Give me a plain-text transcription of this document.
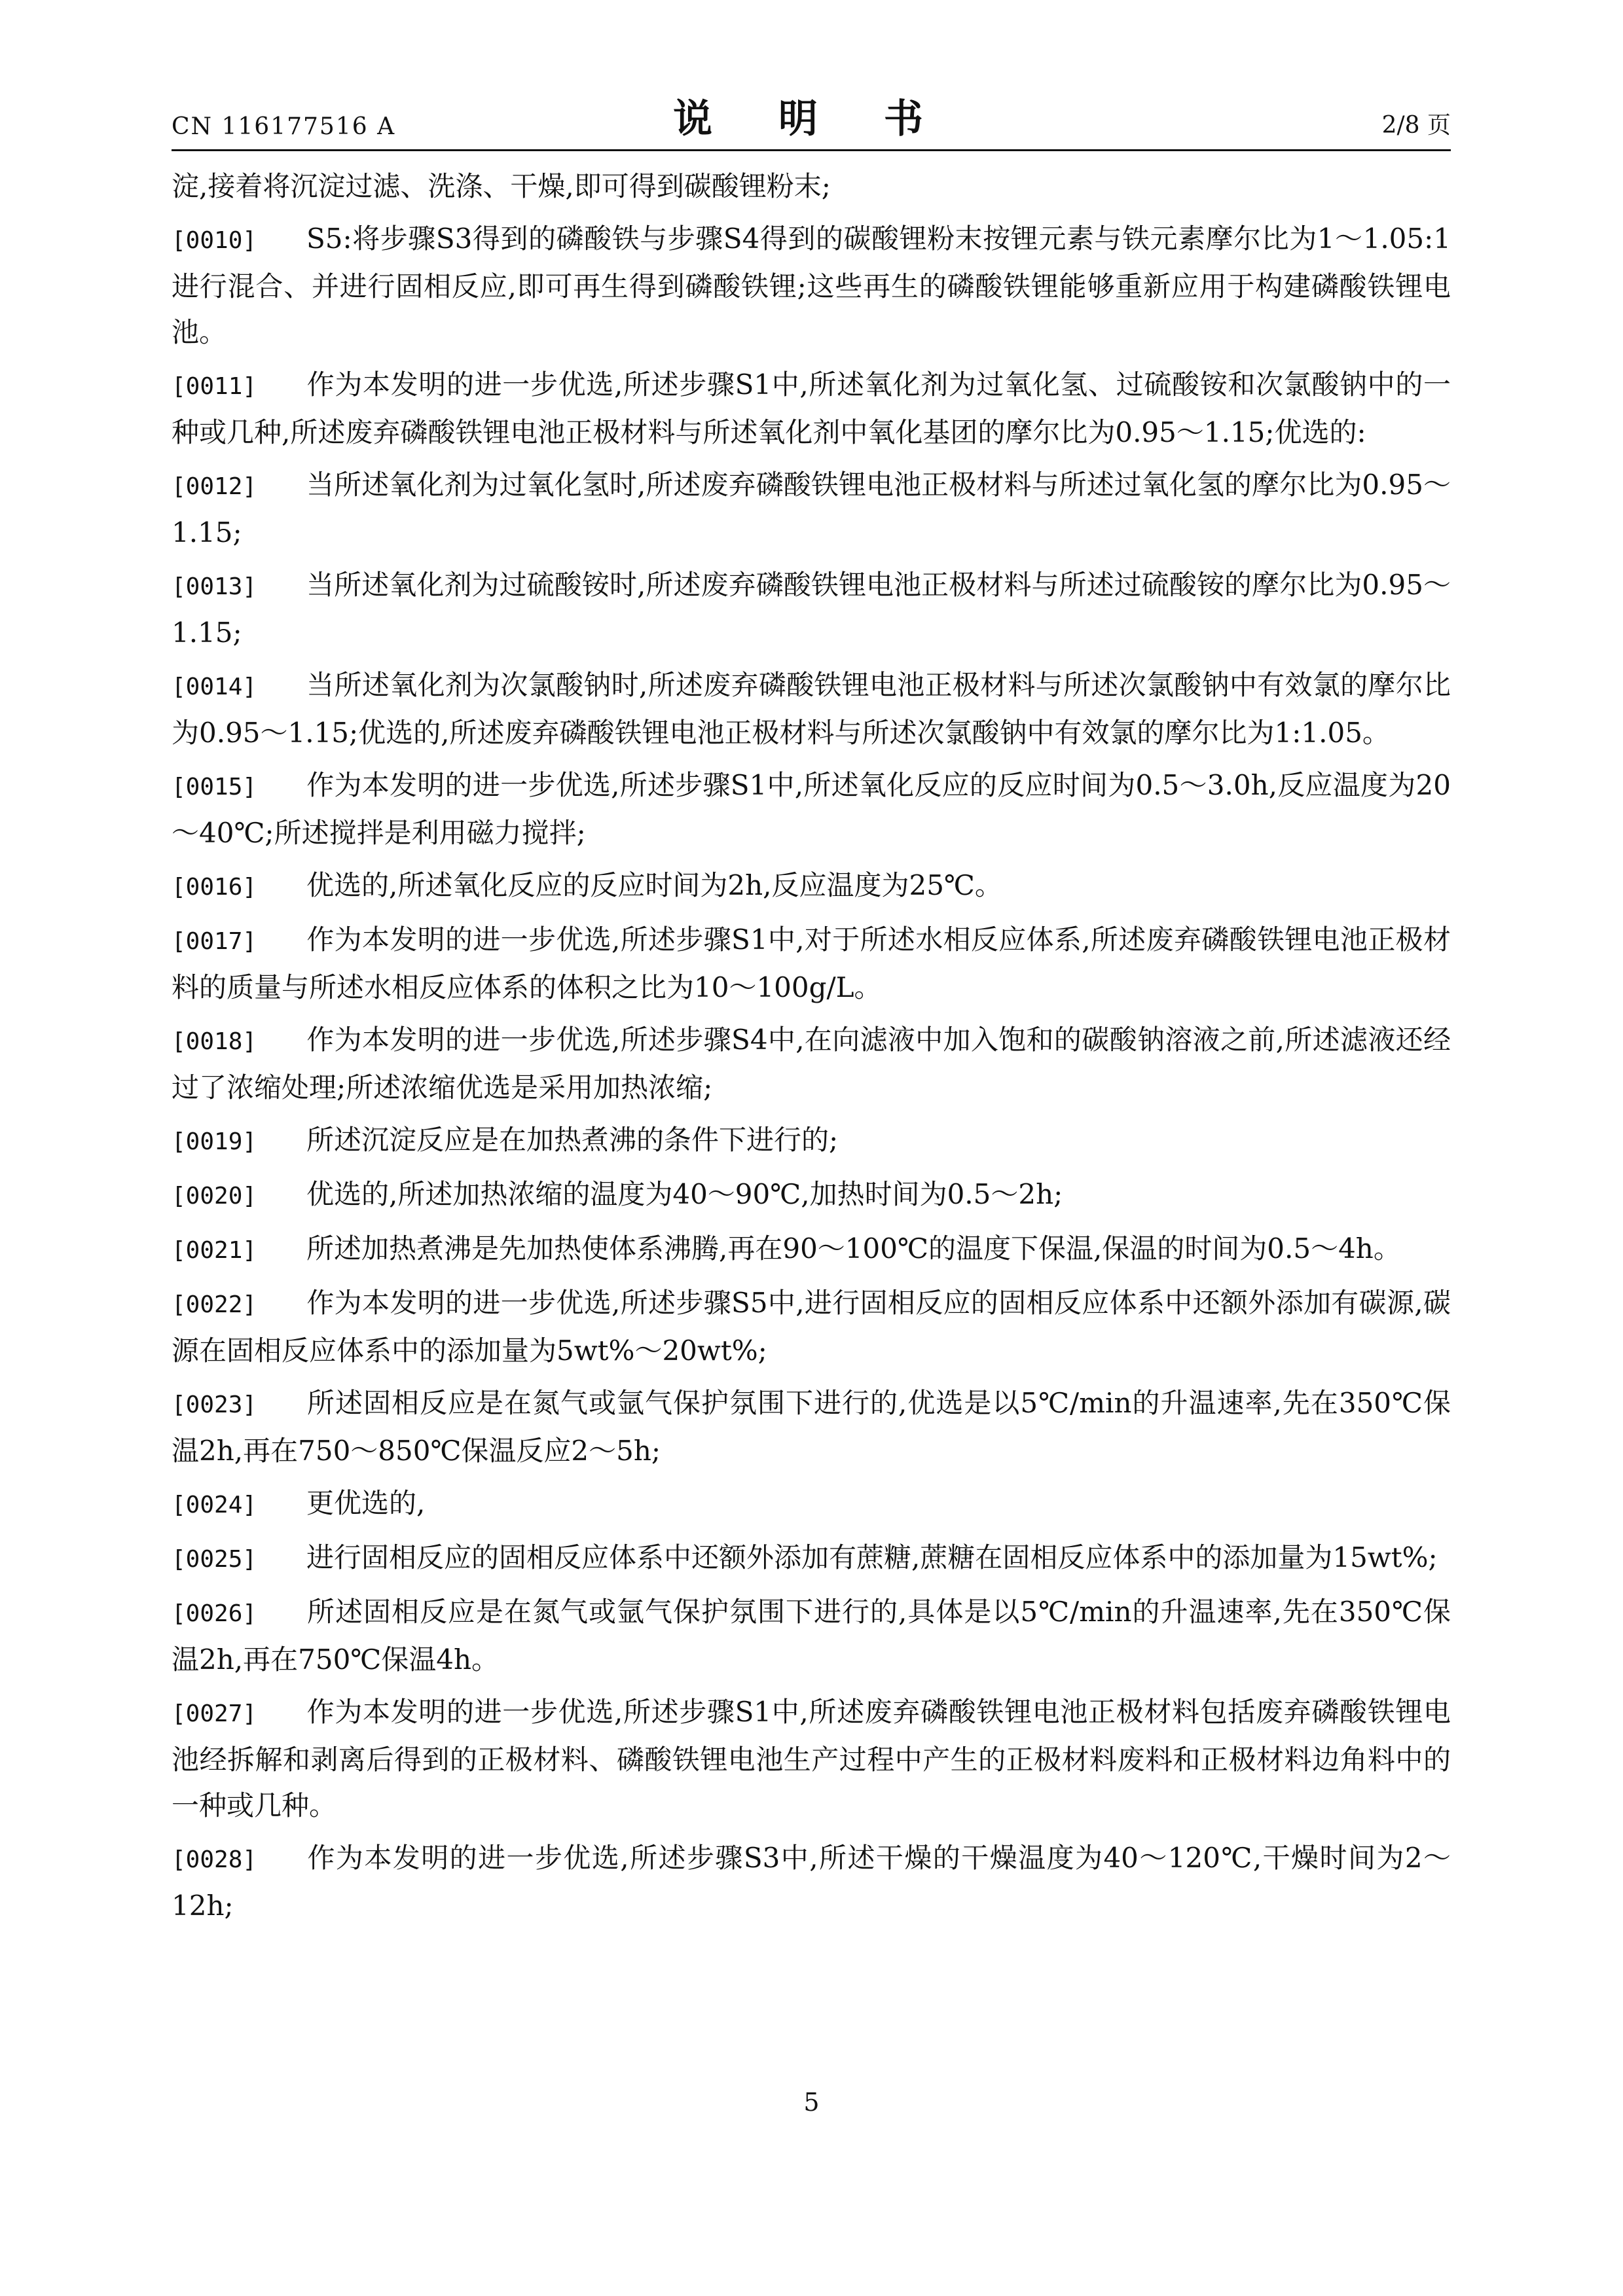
CN 116177516 A	说 明 书	2/8 页

淀,接着将沉淀过滤、洗涤、干燥,即可得到碳酸锂粉末;

[0010] S5:将步骤S3得到的磷酸铁与步骤S4得到的碳酸锂粉末按锂元素与铁元素摩尔比为1～1.05:1进行混合、并进行固相反应,即可再生得到磷酸铁锂;这些再生的磷酸铁锂能够重新应用于构建磷酸铁锂电池。

[0011] 作为本发明的进一步优选,所述步骤S1中,所述氧化剂为过氧化氢、过硫酸铵和次氯酸钠中的一种或几种,所述废弃磷酸铁锂电池正极材料与所述氧化剂中氧化基团的摩尔比为0.95～1.15;优选的:

[0012] 当所述氧化剂为过氧化氢时,所述废弃磷酸铁锂电池正极材料与所述过氧化氢的摩尔比为0.95～1.15;

[0013] 当所述氧化剂为过硫酸铵时,所述废弃磷酸铁锂电池正极材料与所述过硫酸铵的摩尔比为0.95～1.15;

[0014] 当所述氧化剂为次氯酸钠时,所述废弃磷酸铁锂电池正极材料与所述次氯酸钠中有效氯的摩尔比为0.95～1.15;优选的,所述废弃磷酸铁锂电池正极材料与所述次氯酸钠中有效氯的摩尔比为1:1.05。

[0015] 作为本发明的进一步优选,所述步骤S1中,所述氧化反应的反应时间为0.5～3.0h,反应温度为20～40℃;所述搅拌是利用磁力搅拌;

[0016] 优选的,所述氧化反应的反应时间为2h,反应温度为25℃。

[0017] 作为本发明的进一步优选,所述步骤S1中,对于所述水相反应体系,所述废弃磷酸铁锂电池正极材料的质量与所述水相反应体系的体积之比为10～100g/L。

[0018] 作为本发明的进一步优选,所述步骤S4中,在向滤液中加入饱和的碳酸钠溶液之前,所述滤液还经过了浓缩处理;所述浓缩优选是采用加热浓缩;

[0019] 所述沉淀反应是在加热煮沸的条件下进行的;

[0020] 优选的,所述加热浓缩的温度为40～90℃,加热时间为0.5～2h;

[0021] 所述加热煮沸是先加热使体系沸腾,再在90～100℃的温度下保温,保温的时间为0.5～4h。

[0022] 作为本发明的进一步优选,所述步骤S5中,进行固相反应的固相反应体系中还额外添加有碳源,碳源在固相反应体系中的添加量为5wt%～20wt%;

[0023] 所述固相反应是在氮气或氩气保护氛围下进行的,优选是以5℃/min的升温速率,先在350℃保温2h,再在750～850℃保温反应2～5h;

[0024] 更优选的,

[0025] 进行固相反应的固相反应体系中还额外添加有蔗糖,蔗糖在固相反应体系中的添加量为15wt%;

[0026] 所述固相反应是在氮气或氩气保护氛围下进行的,具体是以5℃/min的升温速率,先在350℃保温2h,再在750℃保温4h。

[0027] 作为本发明的进一步优选,所述步骤S1中,所述废弃磷酸铁锂电池正极材料包括废弃磷酸铁锂电池经拆解和剥离后得到的正极材料、磷酸铁锂电池生产过程中产生的正极材料废料和正极材料边角料中的一种或几种。

[0028] 作为本发明的进一步优选,所述步骤S3中,所述干燥的干燥温度为40～120℃,干燥时间为2～12h;

5
